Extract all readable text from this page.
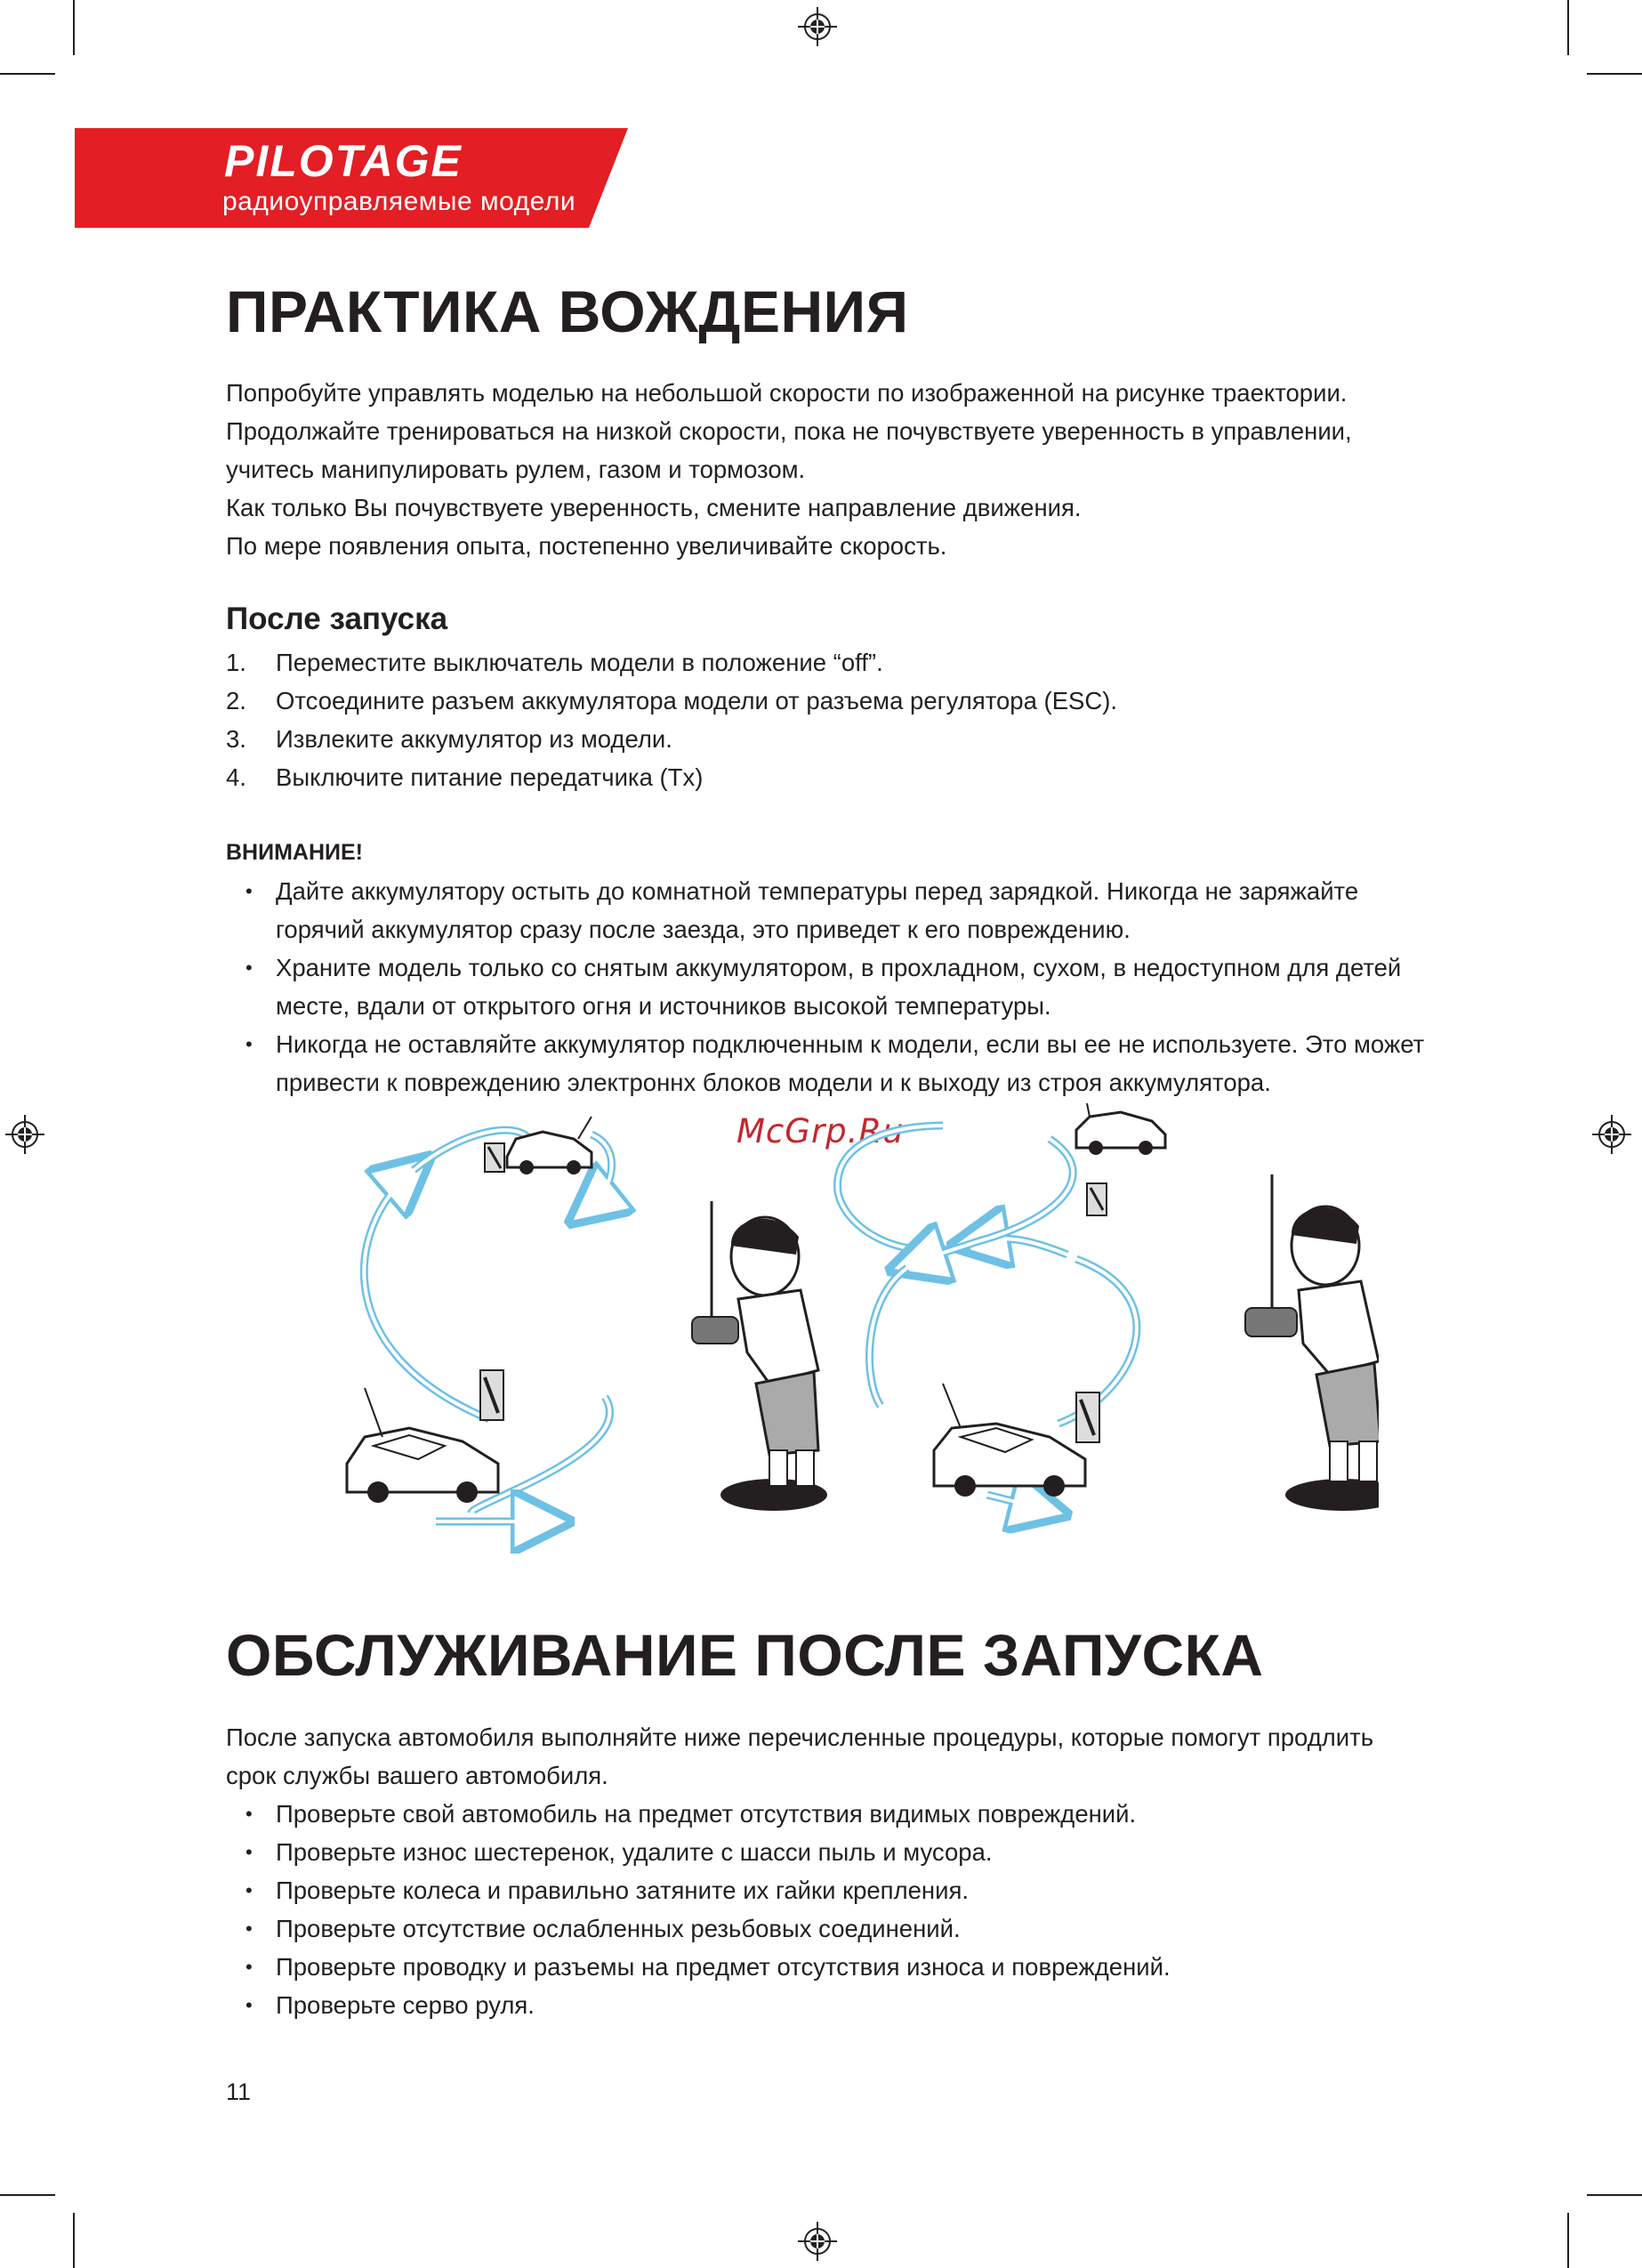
PILOTAGE
радиоуправляемые модели
ПРАКТИКА ВОЖДЕНИЯ

Попробуйте управлять моделью на небольшой скорости по изображенной на рисунке траектории.

Продолжайте тренироваться на низкой скорости, пока не почувствуете уверенность в управлении,

учитесь манипулировать рулем, газом и тормозом.

Как только Вы почувствуете уверенность, смените направление движения.

По мере появления опыта, постепенно увеличивайте скорость.

После запуска
1. Переместите выключатель модели в положение “off”.
2. Отсоедините разъем аккумулятора модели от разъема регулятора (ESC).
3. Извлеките аккумулятор из модели.
4. Выключите питание передатчика (Tx)
ВНИМАНИЕ!
• Дайте аккумулятору остыть до комнатной температуры перед зарядкой. Никогда не заряжайте
горячий аккумулятор сразу после заезда, это приведет к его повреждению.
• Храните модель только со снятым аккумулятором, в прохладном, сухом, в недоступном для детей
месте, вдали от открытого огня и источников высокой температуры.
• Никогда не оставляйте аккумулятор подключенным к модели, если вы ее не используете. Это может
привести к повреждению электроннх блоков модели и к выходу из строя аккумулятора.
McGrp.Ru
ОБСЛУЖИВАНИЕ ПОСЛЕ ЗАПУСКА

После запуска автомобиля выполняйте ниже перечисленные процедуры, которые помогут продлить

срок службы вашего автомобиля.

• Проверьте свой автомобиль на предмет отсутствия видимых повреждений.
• Проверьте износ шестеренок, удалите с шасси пыль и мусора.
• Проверьте колеса и правильно затяните их гайки крепления.
• Проверьте отсутствие ослабленных резьбовых соединений.
• Проверьте проводку и разъемы на предмет отсутствия износа и повреждений.
• Проверьте серво руля.
11
